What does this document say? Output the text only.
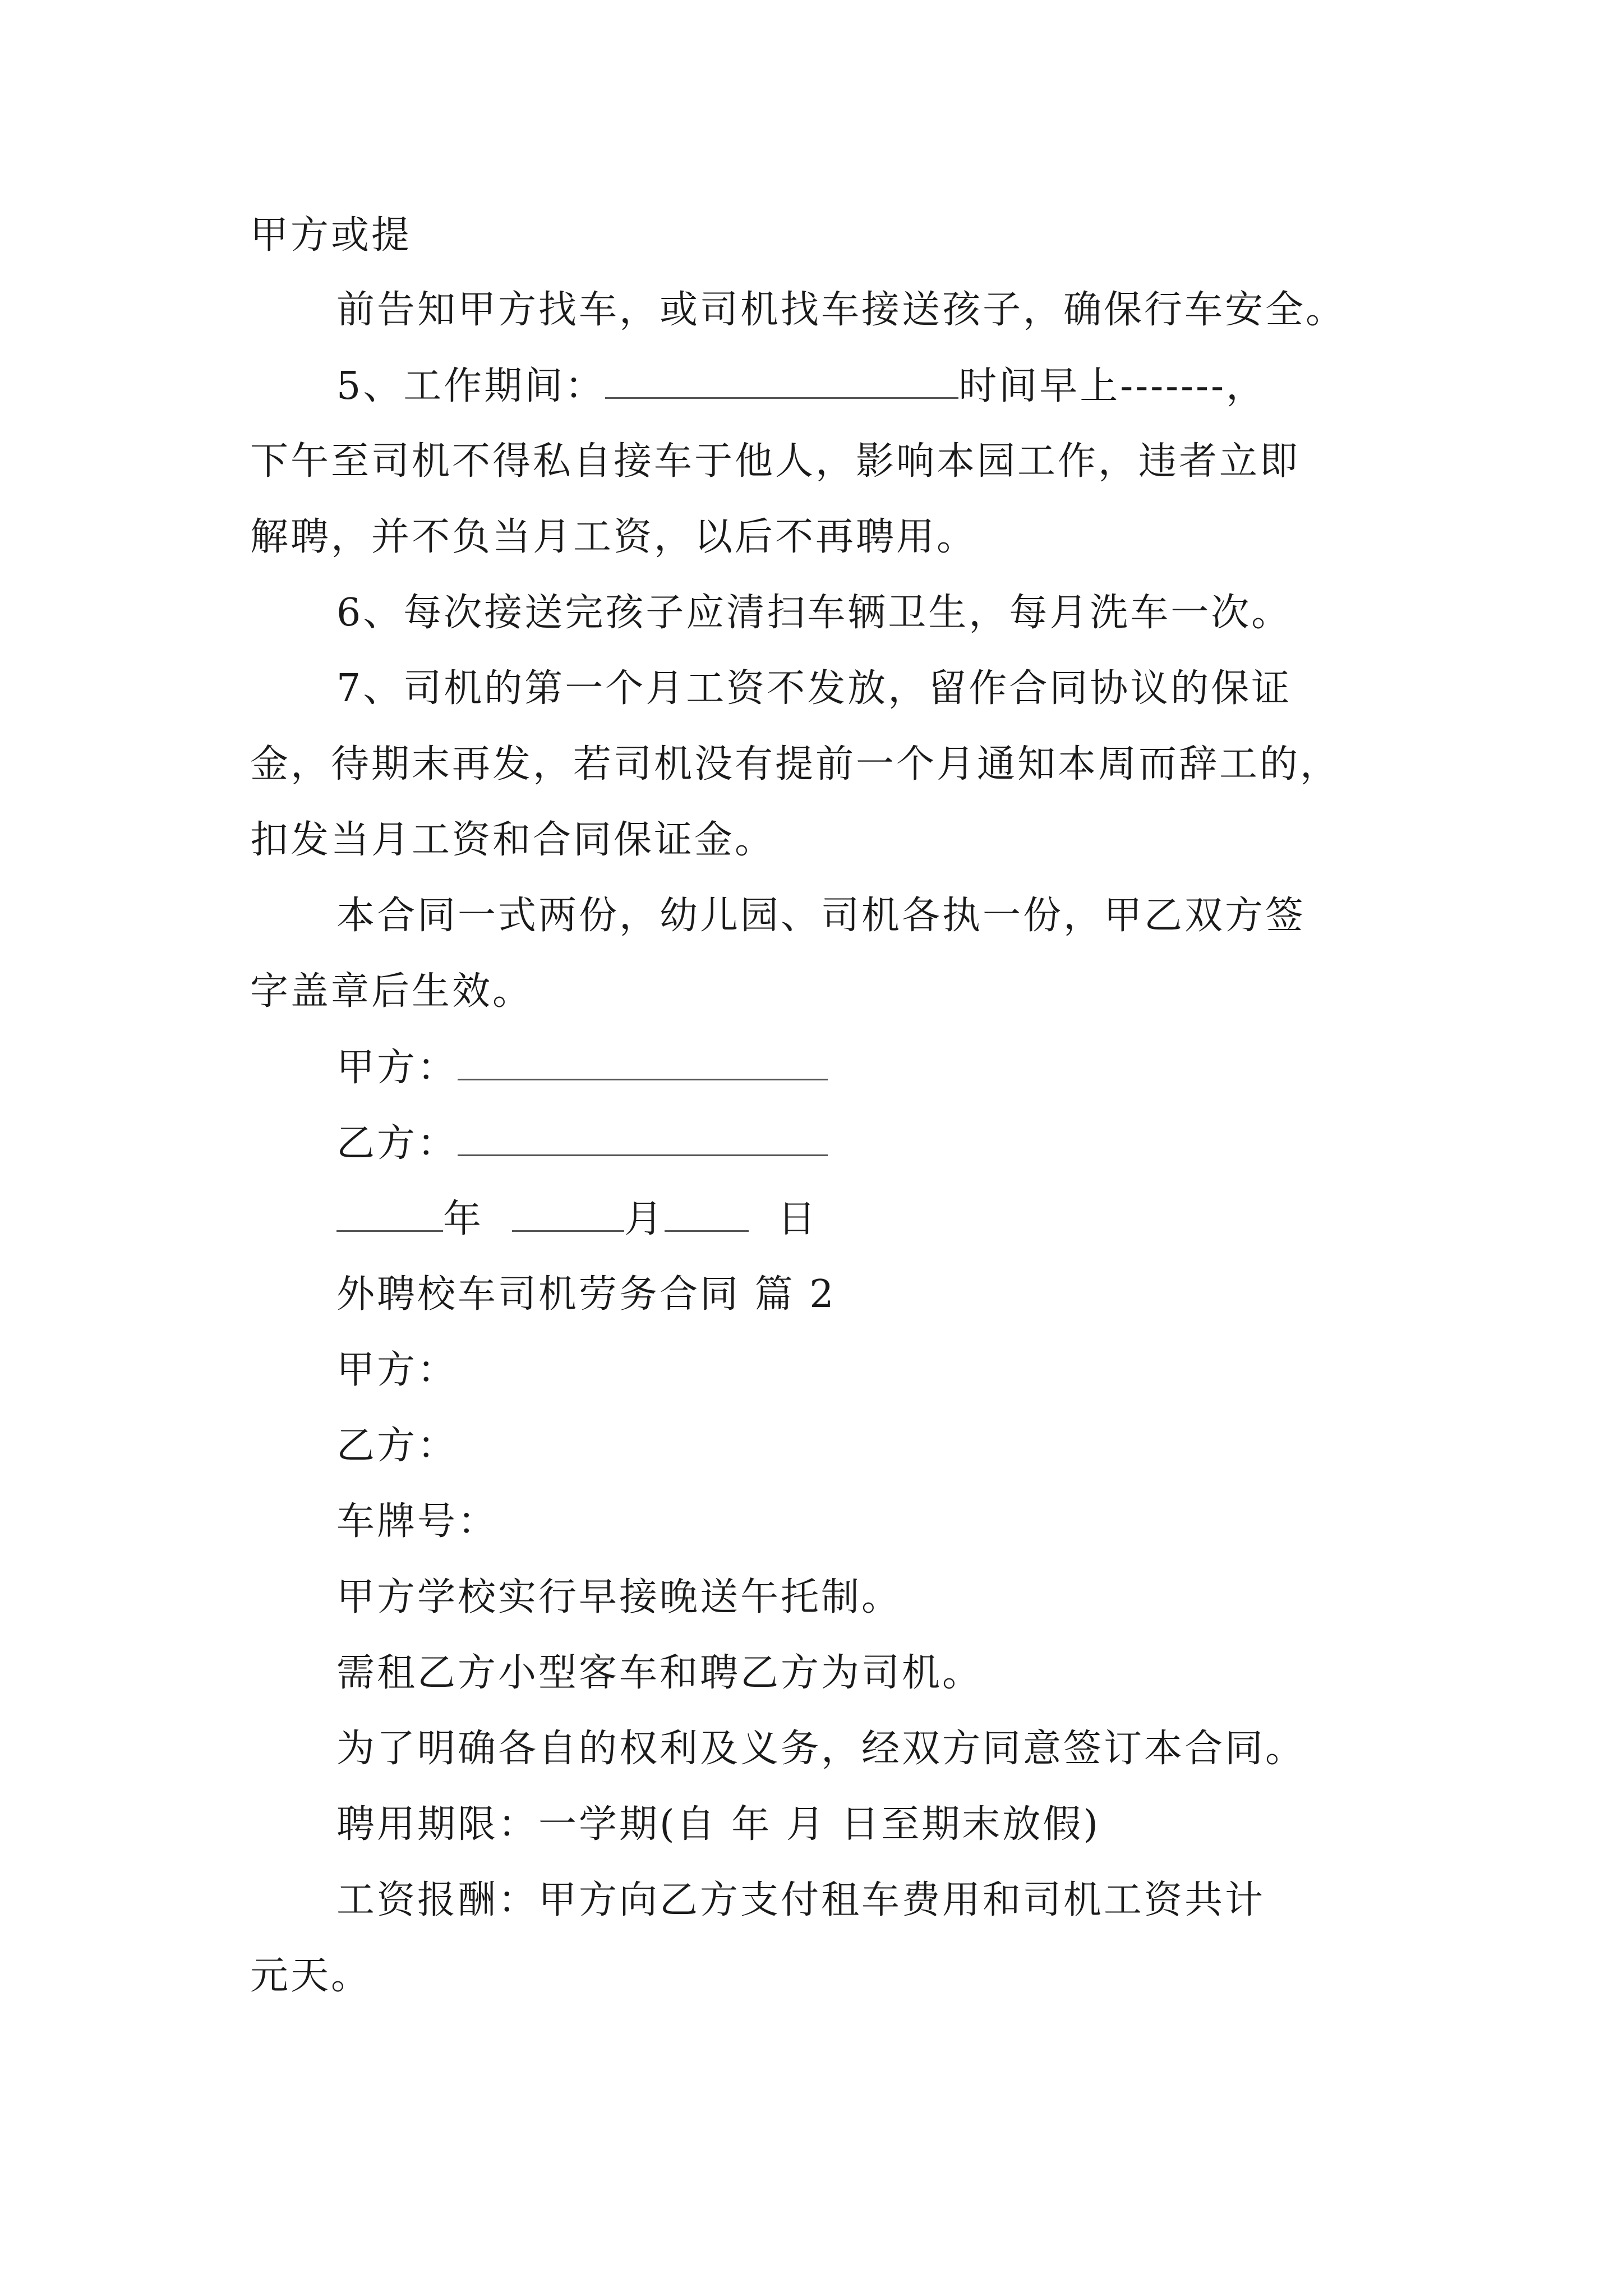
甲方或提
前告知甲方找车，或司机找车接送孩子，确保行车安全。
5、工作期间：	时间早上-------，
下午至司机不得私自接车于他人，影响本园工作，违者立即
解聘，并不负当月工资，以后不再聘用。
6、每次接送完孩子应清扫车辆卫生，每月洗车一次。
7、司机的第一个月工资不发放，留作合同协议的保证
金，待期末再发，若司机没有提前一个月通知本周而辞工的，
扣发当月工资和合同保证金。
本合同一式两份，幼儿园、司机各执一份，甲乙双方签
字盖章后生效。
甲方：
乙方：
年	月	日
外聘校车司机劳务合同 篇 2
甲方：
乙方：
车牌号：
甲方学校实行早接晚送午托制。
需租乙方小型客车和聘乙方为司机。
为了明确各自的权利及义务，经双方同意签订本合同。
聘用期限：一学期(自 年 月 日至期末放假)
工资报酬：甲方向乙方支付租车费用和司机工资共计
元天。
